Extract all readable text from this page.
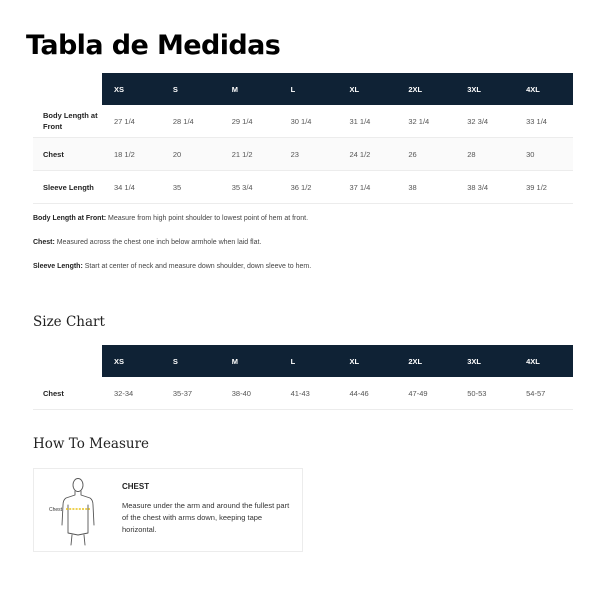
Tabla de Medidas
	XS	S	M	L	XL	2XL	3XL	4XL
Body Length at Front	27 1/4	28 1/4	29 1/4	30 1/4	31 1/4	32 1/4	32 3/4	33 1/4
Chest	18 1/2	20	21 1/2	23	24 1/2	26	28	30
Sleeve Length	34 1/4	35	35 3/4	36 1/2	37 1/4	38	38 3/4	39 1/2
Body Length at Front: Measure from high point shoulder to lowest point of hem at front.
Chest: Measured across the chest one inch below armhole when laid flat.
Sleeve Length: Start at center of neck and measure down shoulder, down sleeve to hem.
Size Chart
	XS	S	M	L	XL	2XL	3XL	4XL
Chest	32-34	35-37	38-40	41-43	44-46	47-49	50-53	54-57
How To Measure
Chest
CHEST
Measure under the arm and around the fullest part of the chest with arms down, keeping tape horizontal.
